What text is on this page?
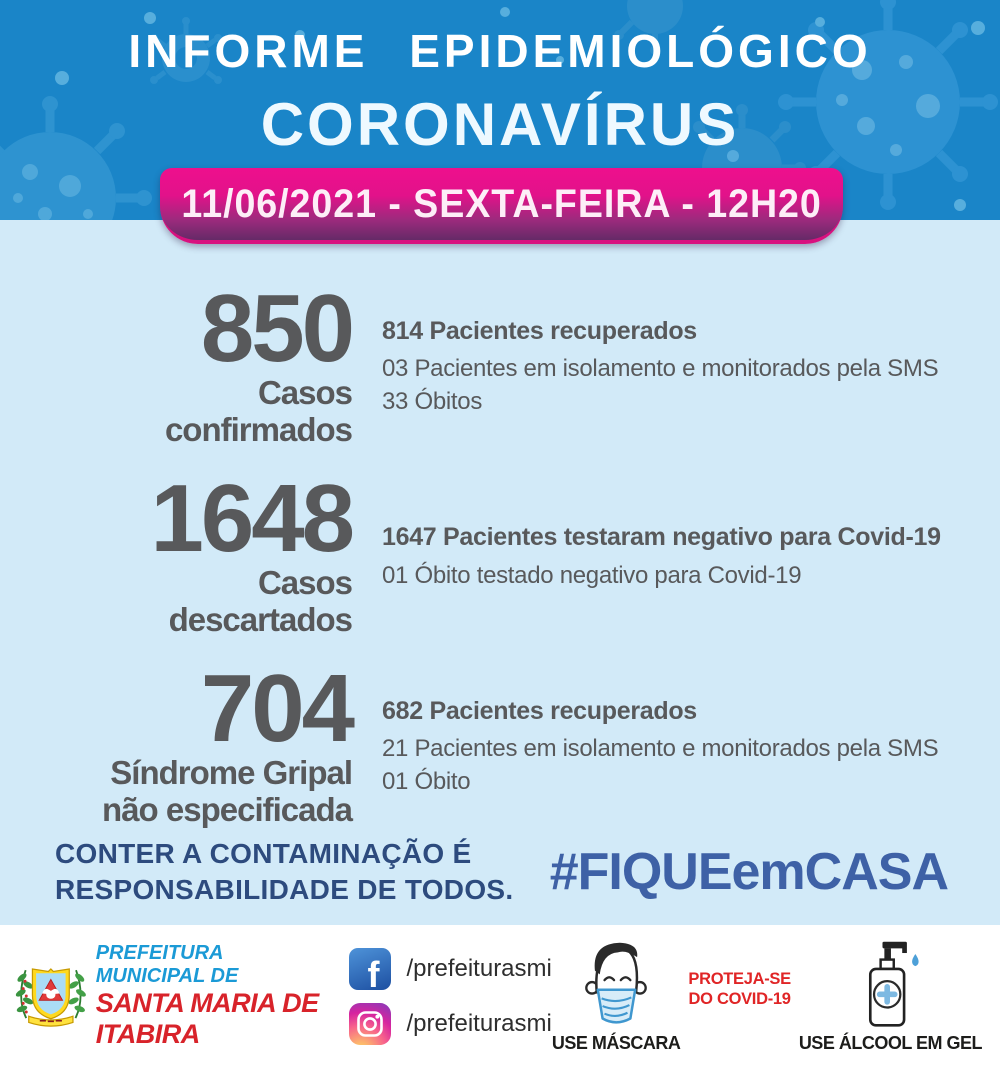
INFORME EPIDEMIOLÓGICO
CORONAVÍRUS
11/06/2021 - SEXTA-FEIRA - 12H20
850
Casos
confirmados
814 Pacientes recuperados
03 Pacientes em isolamento e monitorados pela SMS
33 Óbitos
1648
Casos
descartados
1647 Pacientes testaram negativo para Covid-19
01 Óbito testado negativo para Covid-19
704
Síndrome Gripal
não especificada
682 Pacientes recuperados
21 Pacientes em isolamento e monitorados pela SMS
01 Óbito
CONTER A CONTAMINAÇÃO É
RESPONSABILIDADE DE TODOS. #FIQUEemCASA
PREFEITURA MUNICIPAL DE
SANTA MARIA DE ITABIRA
f
/prefeiturasmi
/prefeiturasmi
USE MÁSCARA
PROTEJA-SE
DO COVID-19
USE ÁLCOOL EM GEL
